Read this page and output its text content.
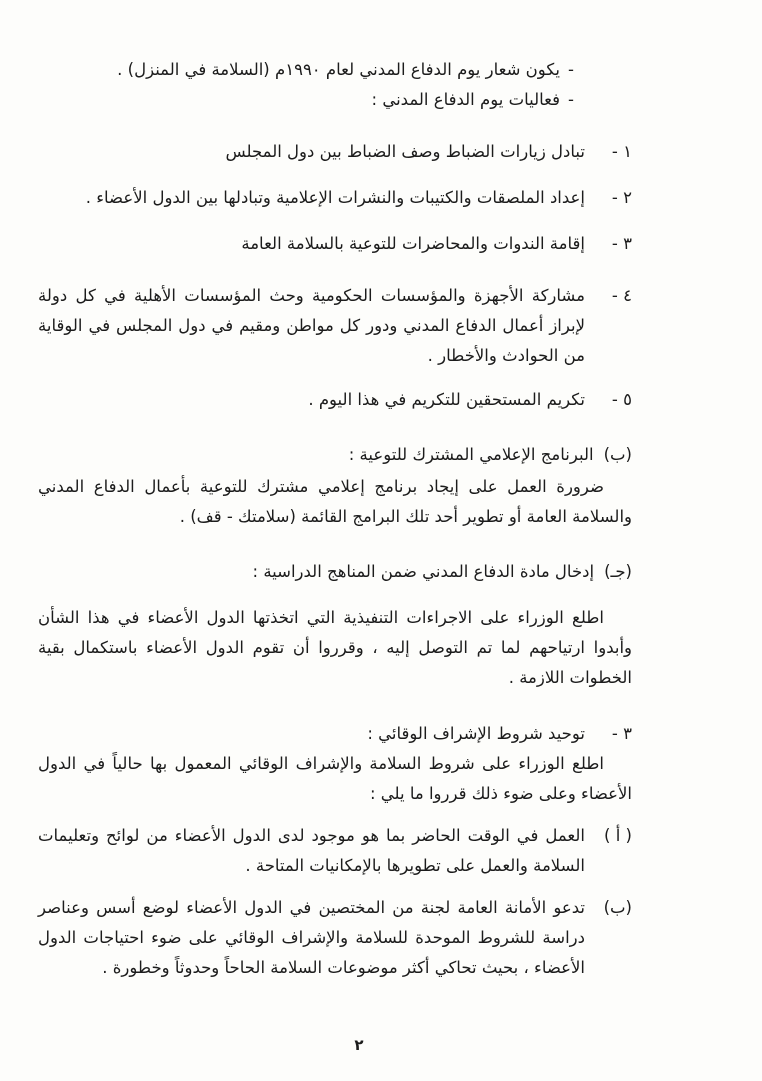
-
يكون شعار يوم الدفاع المدني لعام ١٩٩٠م (السلامة في المنزل) .
-
فعاليات يوم الدفاع المدني :
١ -
تبادل زيارات الضباط وصف الضباط بين دول المجلس
٢ -
إعداد الملصقات والكتيبات والنشرات الإعلامية وتبادلها بين الدول الأعضاء .
٣ -
إقامة الندوات والمحاضرات للتوعية بالسلامة العامة
٤ -
مشاركة الأجهزة والمؤسسات الحكومية وحث المؤسسات الأهلية في كل دولة لإبراز أعمال الدفاع المدني ودور كل مواطن ومقيم في دول المجلس في الوقاية من الحوادث والأخطار .
٥ -
تكريم المستحقين للتكريم في هذا اليوم .
(ب)
البرنامج الإعلامي المشترك للتوعية :
ضرورة العمل على إيجاد برنامج إعلامي مشترك للتوعية بأعمال الدفاع المدني والسلامة العامة أو تطوير أحد تلك البرامج القائمة (سلامتك - قف) .
(جـ)
إدخال مادة الدفاع المدني ضمن المناهج الدراسية :
اطلع الوزراء على الاجراءات التنفيذية التي اتخذتها الدول الأعضاء في هذا الشأن وأبدوا ارتياحهم لما تم التوصل إليه ، وقرروا أن تقوم الدول الأعضاء باستكمال بقية الخطوات اللازمة .
٣ -
توحيد شروط الإشراف الوقائي :
اطلع الوزراء على شروط السلامة والإشراف الوقائي المعمول بها حالياً في الدول الأعضاء وعلى ضوء ذلك قرروا ما يلي :
( أ )
العمل في الوقت الحاضر بما هو موجود لدى الدول الأعضاء من لوائح وتعليمات السلامة والعمل على تطويرها بالإمكانيات المتاحة .
(ب)
تدعو الأمانة العامة لجنة من المختصين في الدول الأعضاء لوضع أسس وعناصر دراسة للشروط الموحدة للسلامة والإشراف الوقائي على ضوء احتياجات الدول الأعضاء ، بحيث تحاكي أكثر موضوعات السلامة الحاحاً وحدوثاً وخطورة .
٢
